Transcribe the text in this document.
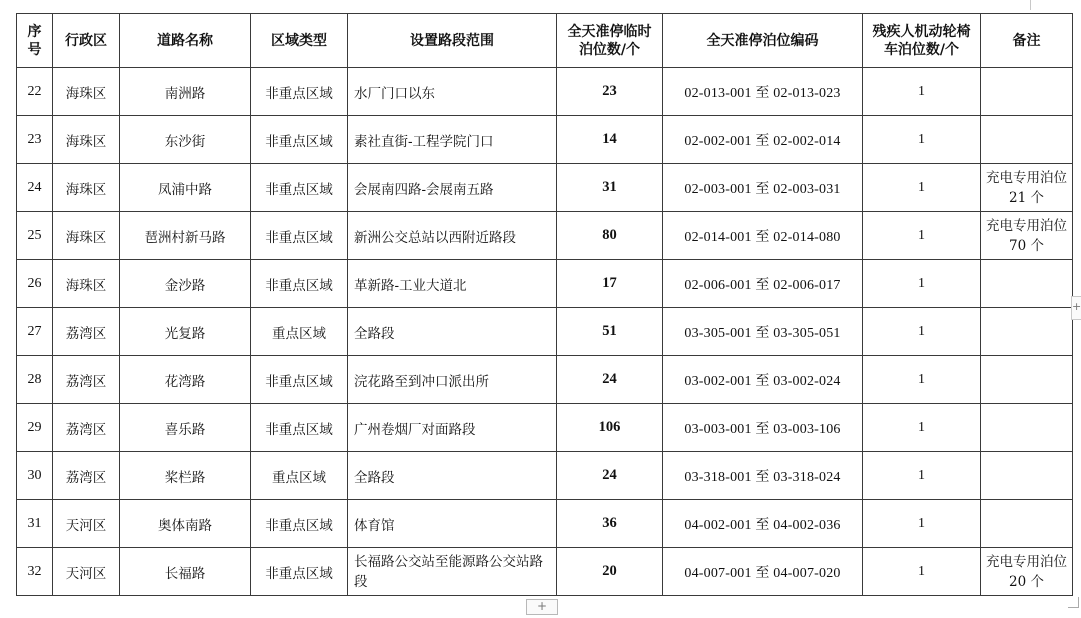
序号	行政区	道路名称	区域类型	设置路段范围	全天准停临时泊位数/个	全天准停泊位编码	残疾人机动轮椅车泊位数/个	备注
22	海珠区	南洲路	非重点区域	水厂门口以东	23	02-013-001 至 02-013-023	1	
23	海珠区	东沙街	非重点区域	素社直街-工程学院门口	14	02-002-001 至 02-002-014	1	
24	海珠区	凤浦中路	非重点区域	会展南四路-会展南五路	31	02-003-001 至 02-003-031	1	充电专用泊位 21 个
25	海珠区	琶洲村新马路	非重点区域	新洲公交总站以西附近路段	80	02-014-001 至 02-014-080	1	充电专用泊位 70 个
26	海珠区	金沙路	非重点区域	革新路-工业大道北	17	02-006-001 至 02-006-017	1	
27	荔湾区	光复路	重点区域	全路段	51	03-305-001 至 03-305-051	1	
28	荔湾区	花湾路	非重点区域	浣花路至到冲口派出所	24	03-002-001 至 03-002-024	1	
29	荔湾区	喜乐路	非重点区域	广州卷烟厂对面路段	106	03-003-001 至 03-003-106	1	
30	荔湾区	桨栏路	重点区域	全路段	24	03-318-001 至 03-318-024	1	
31	天河区	奥体南路	非重点区域	体育馆	36	04-002-001 至 04-002-036	1	
32	天河区	长福路	非重点区域	长福路公交站至能源路公交站路段	20	04-007-001 至 04-007-020	1	充电专用泊位 20 个
+
+
